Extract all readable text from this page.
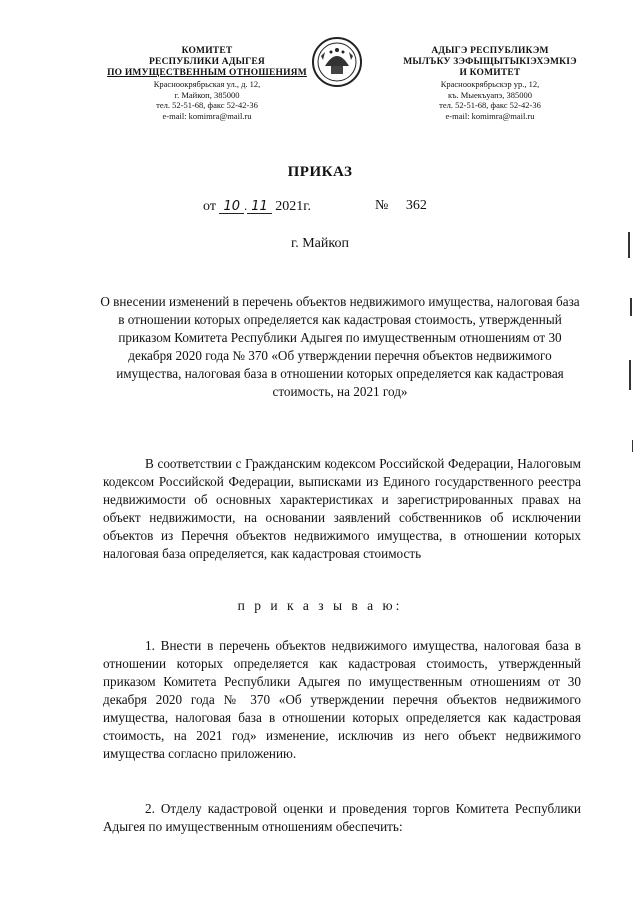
КОМИТЕТ
РЕСПУБЛИКИ АДЫГЕЯ
ПО ИМУЩЕСТВЕННЫМ ОТНОШЕНИЯМ
Красноокрябрьская ул., д. 12,
г. Майкоп, 385000
тел. 52-51-68, факс 52-42-36
e-mail: komimra@mail.ru
АДЫГЭ РЕСПУБЛИКЭМ
МЫЛЪКУ ЗЭФЫЩЫТЫКІЭХЭМКІЭ
И КОМИТЕТ
Красноокрябрьскэр ур., 12,
къ. Мыекъуапэ, 385000
тел. 52-51-68, факс 52-42-36
e-mail: komimra@mail.ru
ПРИКАЗ
от 10 . 11 2021г.	№ 362
г. Майкоп
О внесении изменений в перечень объектов недвижимого имущества, налоговая база в отношении которых определяется как кадастровая стоимость, утвержденный приказом Комитета Республики Адыгея по имущественным отношениям от 30 декабря 2020 года № 370 «Об утверждении перечня объектов недвижимого имущества, налоговая база в отношении которых определяется как кадастровая стоимость, на 2021 год»
В соответствии с Гражданским кодексом Российской Федерации, Налоговым кодексом Российской Федерации, выписками из Единого государственного реестра недвижимости об основных характеристиках и зарегистрированных правах на объект недвижимости, на основании заявлений собственников об исключении объектов из Перечня объектов недвижимого имущества, в отношении которых налоговая база определяется, как кадастровая стоимость
п р и к а з ы в а ю:
1. Внести в перечень объектов недвижимого имущества, налоговая база в отношении которых определяется как кадастровая стоимость, утвержденный приказом Комитета Республики Адыгея по имущественным отношениям от 30 декабря 2020 года № 370 «Об утверждении перечня объектов недвижимого имущества, налоговая база в отношении которых определяется как кадастровая стоимость, на 2021 год» изменение, исключив из него объект недвижимого имущества согласно приложению.
2. Отделу кадастровой оценки и проведения торгов Комитета Республики Адыгея по имущественным отношениям обеспечить:
